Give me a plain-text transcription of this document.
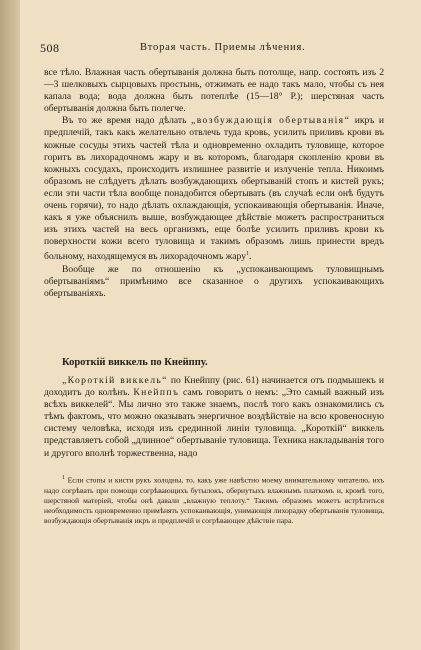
508	Вторая часть. Приемы лѣчения.

все тѣло. Влажная часть обертыванія должна быть потолще, напр. состоять изъ 2—3 шелковыхъ сырцовыхъ простынь, отжимать ее надо такъ мало, чтобы съ нея капала вода; вода должна быть потеплѣе (15—18° Р.); шерстяная часть обертыванія должна быть полегче.

Въ то же время надо дѣлать „возбуждающія обертыванія“ икръ и предплечій, такъ какъ желательно отвлечь туда кровь, усилить приливъ крови въ кожные сосуды этихъ частей тѣла и одновременно охладить туловище, которое горитъ въ лихорадочномъ жару и въ которомъ, благодаря скопленію крови въ кожныхъ сосудахъ, происходитъ излишнее развитіе и излученіе тепла. Никоимъ образомъ не слѣдуетъ дѣлать возбуждающихъ обертываній стопъ и кистей рукъ; если эти части тѣла вообще понадобится обертывать (въ случаѣ если онѣ будутъ очень горячи), то надо дѣлать охлаждающія, успокаивающія обертыванія. Иначе, какъ я уже объяснилъ выше, возбуждающее дѣйствіе можетъ распространиться изъ этихъ частей на весь организмъ, еще болѣе усилить приливъ крови къ поверхности кожи всего туловища и такимъ образомъ лишь принести вредъ больному, находящемуся въ лихорадочномъ жару$^1$.

Вообще же по отношенію къ „успокаивающимъ туловищнымъ обертываніямъ“ примѣнимо все сказанное о другихъ успокаивающихъ обертываніяхъ.

Короткій виккель по Кнейппу.

„Короткій виккель“ по Кнейппу (рис. 61) начинается отъ подмышекъ и доходитъ до колѣнъ. Кнейппъ самъ говоритъ о немъ: „Это самый важный изъ всѣхъ виккелей“. Мы лично это также знаемъ, послѣ того какъ ознакомились съ тѣмъ фактомъ, что можно оказывать энергичное воздѣйствіе на всю кровеносную систему человѣка, исходя изъ срединной линіи туловища. „Короткій“ виккель представляетъ собой „длинное“ обертываніе туловища. Техника накладыванія того и другого вполнѣ торжественна, надо

$^1$ Если стопы и кисти рукъ холодны, то, какъ уже навѣстно моему внимательному читателю, ихъ надо согрѣвать при помощи согрѣвающихъ бутылокъ, обернутыхъ влажнымъ платкомъ и, кромѣ того, шерстяной матеріей, чтобы онѣ давали „влажную теплоту.“ Такимъ образомъ можетъ встрѣтиться необходимость одновременно примѣнять успокаивающія, унимающія лихорадку обертыванія туловища, возбуждающія обертыванія икръ и предплечій и согрѣвающее дѣйствіе пара.
